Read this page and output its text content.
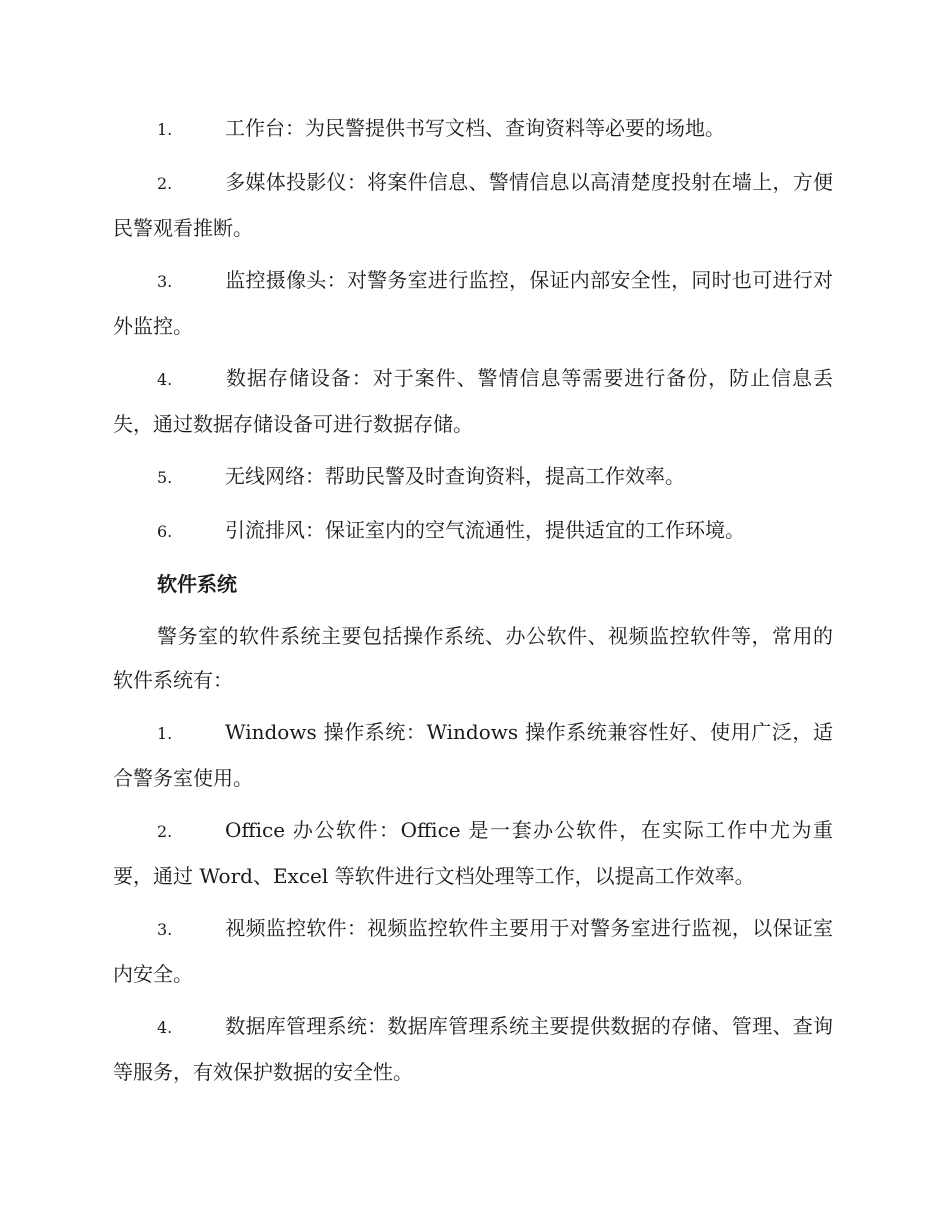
1.	工作台：为民警提供书写文档、查询资料等必要的场地。

2.	多媒体投影仪：将案件信息、警情信息以高清楚度投射在墙上，方便民警观看推断。

3.	监控摄像头：对警务室进行监控，保证内部安全性，同时也可进行对外监控。

4.	数据存储设备：对于案件、警情信息等需要进行备份，防止信息丢失，通过数据存储设备可进行数据存储。

5.	无线网络：帮助民警及时查询资料，提高工作效率。

6.	引流排风：保证室内的空气流通性，提供适宜的工作环境。

软件系统

警务室的软件系统主要包括操作系统、办公软件、视频监控软件等，常用的软件系统有：

1.	Windows 操作系统：Windows 操作系统兼容性好、使用广泛，适合警务室使用。

2.	Office 办公软件：Office 是一套办公软件，在实际工作中尤为重要，通过 Word、Excel 等软件进行文档处理等工作，以提高工作效率。

3.	视频监控软件：视频监控软件主要用于对警务室进行监视，以保证室内安全。

4.	数据库管理系统：数据库管理系统主要提供数据的存储、管理、查询等服务，有效保护数据的安全性。
